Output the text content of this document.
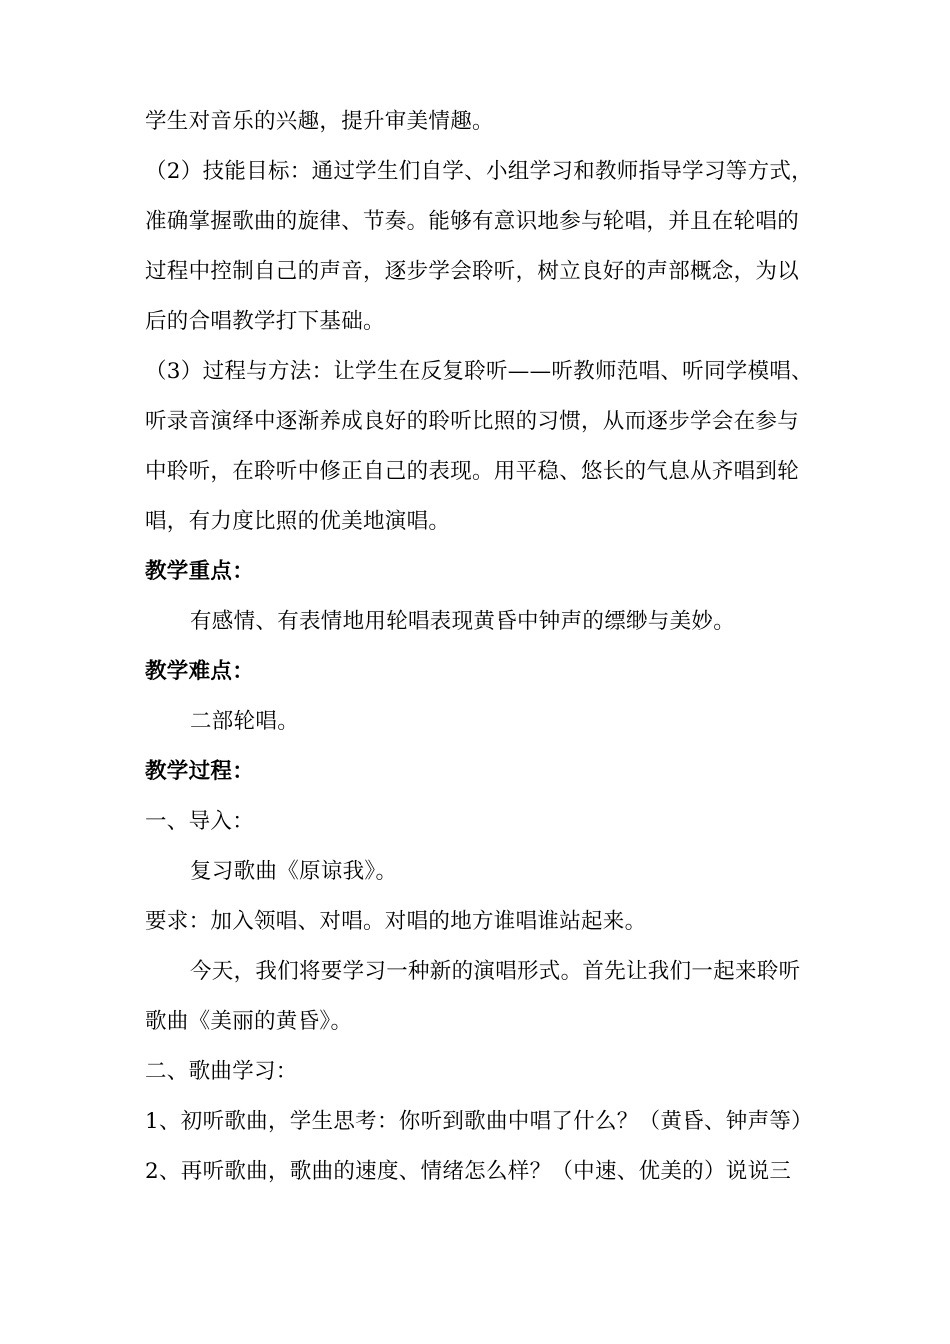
学生对音乐的兴趣，提升审美情趣。
（2）技能目标：通过学生们自学、小组学习和教师指导学习等方式，
准确掌握歌曲的旋律、节奏。能够有意识地参与轮唱，并且在轮唱的
过程中控制自己的声音，逐步学会聆听，树立良好的声部概念，为以
后的合唱教学打下基础。
（3）过程与方法：让学生在反复聆听——听教师范唱、听同学模唱、
听录音演绎中逐渐养成良好的聆听比照的习惯，从而逐步学会在参与
中聆听，在聆听中修正自己的表现。用平稳、悠长的气息从齐唱到轮
唱，有力度比照的优美地演唱。
教学重点：
有感情、有表情地用轮唱表现黄昏中钟声的缥缈与美妙。
教学难点：
二部轮唱。
教学过程：
一、导入：
复习歌曲《原谅我》。
要求：加入领唱、对唱。对唱的地方谁唱谁站起来。
今天，我们将要学习一种新的演唱形式。首先让我们一起来聆听
歌曲《美丽的黄昏》。
二、歌曲学习：
1、初听歌曲，学生思考：你听到歌曲中唱了什么？（黄昏、钟声等）
2、再听歌曲，歌曲的速度、情绪怎么样？（中速、优美的）说说三
